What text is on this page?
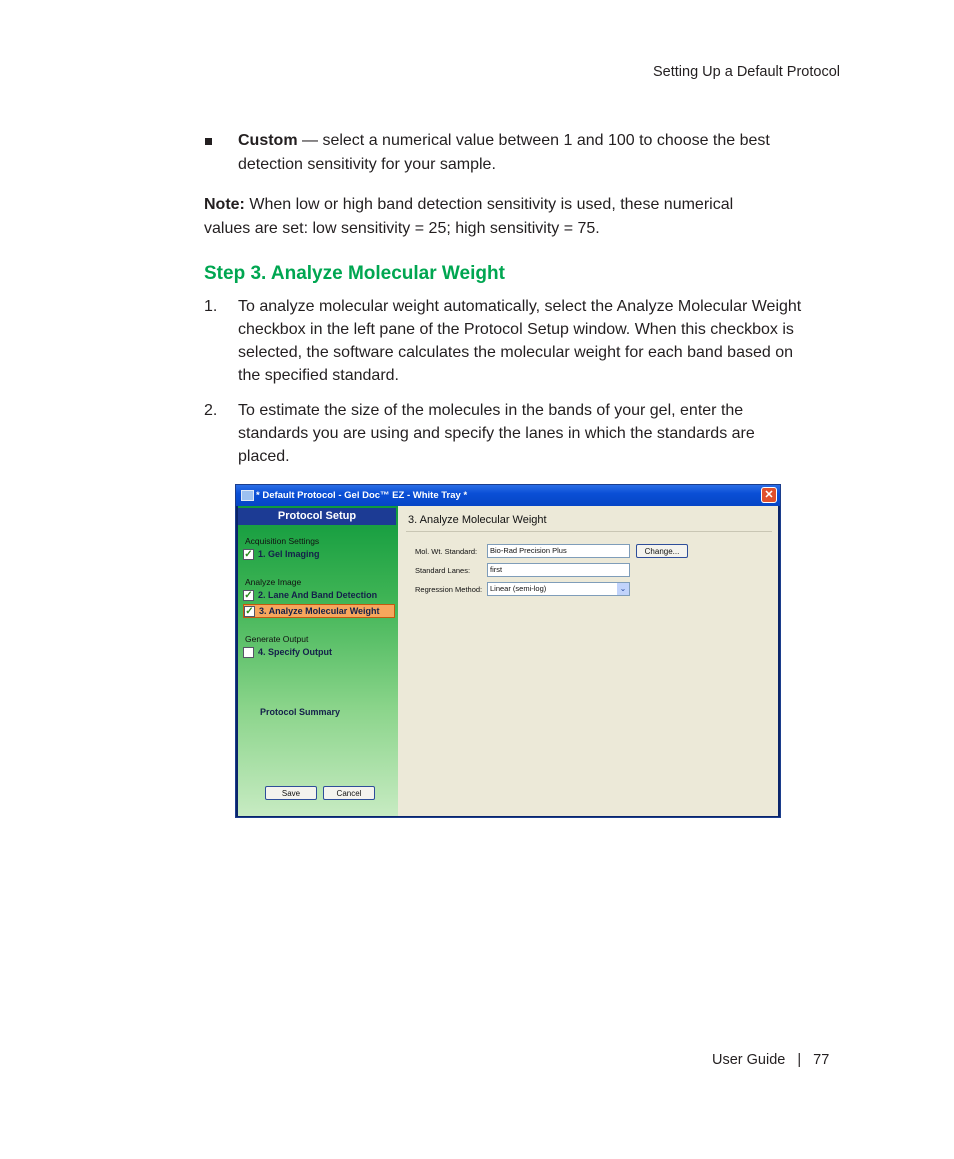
Setting Up a Default Protocol
Custom — select a numerical value between 1 and 100 to choose the best
detection sensitivity for your sample.
Note: When low or high band detection sensitivity is used, these numerical
values are set: low sensitivity = 25; high sensitivity = 75.
Step 3. Analyze Molecular Weight
1. To analyze molecular weight automatically, select the Analyze Molecular Weight
checkbox in the left pane of the Protocol Setup window. When this checkbox is
selected, the software calculates the molecular weight for each band based on
the specified standard.
2. To estimate the size of the molecules in the bands of your gel, enter the
standards you are using and specify the lanes in which the standards are
placed.
* Default Protocol - Gel Doc™ EZ - White Tray *	✕
Protocol Setup
Acquisition Settings
✓ 1. Gel Imaging
Analyze Image
✓ 2. Lane And Band Detection
✓ 3. Analyze Molecular Weight
Generate Output
4. Specify Output
Protocol Summary
Save	Cancel
3. Analyze Molecular Weight
Mol. Wt. Standard:	Bio-Rad Precision Plus	Change...
Standard Lanes:	first
Regression Method:	Linear (semi-log)	⌄
User Guide | 77
